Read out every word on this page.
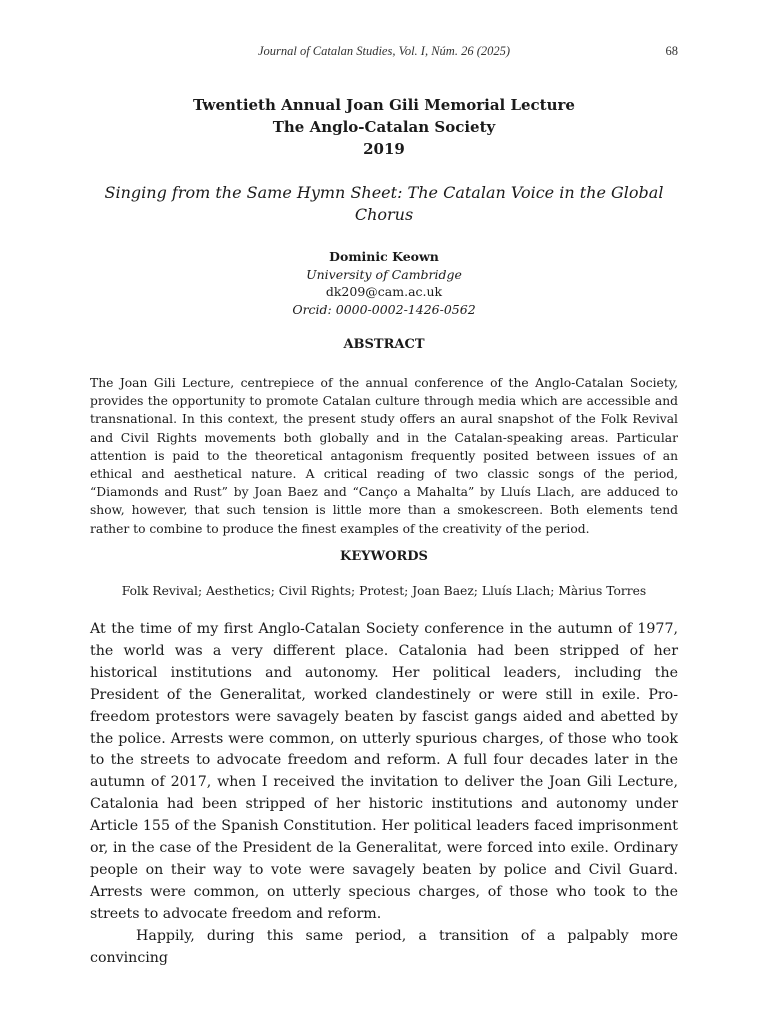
Journal of Catalan Studies, Vol. I, Núm. 26 (2025)	68
Twentieth Annual Joan Gili Memorial Lecture
The Anglo-Catalan Society
2019
Singing from the Same Hymn Sheet: The Catalan Voice in the Global Chorus
Dominic Keown
University of Cambridge
dk209@cam.ac.uk
Orcid: 0000-0002-1426-0562
ABSTRACT
The Joan Gili Lecture, centrepiece of the annual conference of the Anglo-Catalan Society, provides the opportunity to promote Catalan culture through media which are accessible and transnational. In this context, the present study offers an aural snapshot of the Folk Revival and Civil Rights movements both globally and in the Catalan-speaking areas. Particular attention is paid to the theoretical antagonism frequently posited between issues of an ethical and aesthetical nature. A critical reading of two classic songs of the period, “Diamonds and Rust” by Joan Baez and “Canço a Mahalta” by Lluís Llach, are adduced to show, however, that such tension is little more than a smokescreen. Both elements tend rather to combine to produce the finest examples of the creativity of the period.
KEYWORDS
Folk Revival; Aesthetics; Civil Rights; Protest; Joan Baez; Lluís Llach; Màrius Torres

At the time of my first Anglo-Catalan Society conference in the autumn of 1977, the world was a very different place. Catalonia had been stripped of her historical institutions and autonomy. Her political leaders, including the President of the Generalitat, worked clandestinely or were still in exile. Pro-freedom protestors were savagely beaten by fascist gangs aided and abetted by the police. Arrests were common, on utterly spurious charges, of those who took to the streets to advocate freedom and reform. A full four decades later in the autumn of 2017, when I received the invitation to deliver the Joan Gili Lecture, Catalonia had been stripped of her historic institutions and autonomy under Article 155 of the Spanish Constitution. Her political leaders faced imprisonment or, in the case of the President de la Generalitat, were forced into exile. Ordinary people on their way to vote were savagely beaten by police and Civil Guard. Arrests were common, on utterly specious charges, of those who took to the streets to advocate freedom and reform.

Happily, during this same period, a transition of a palpably more convincing
